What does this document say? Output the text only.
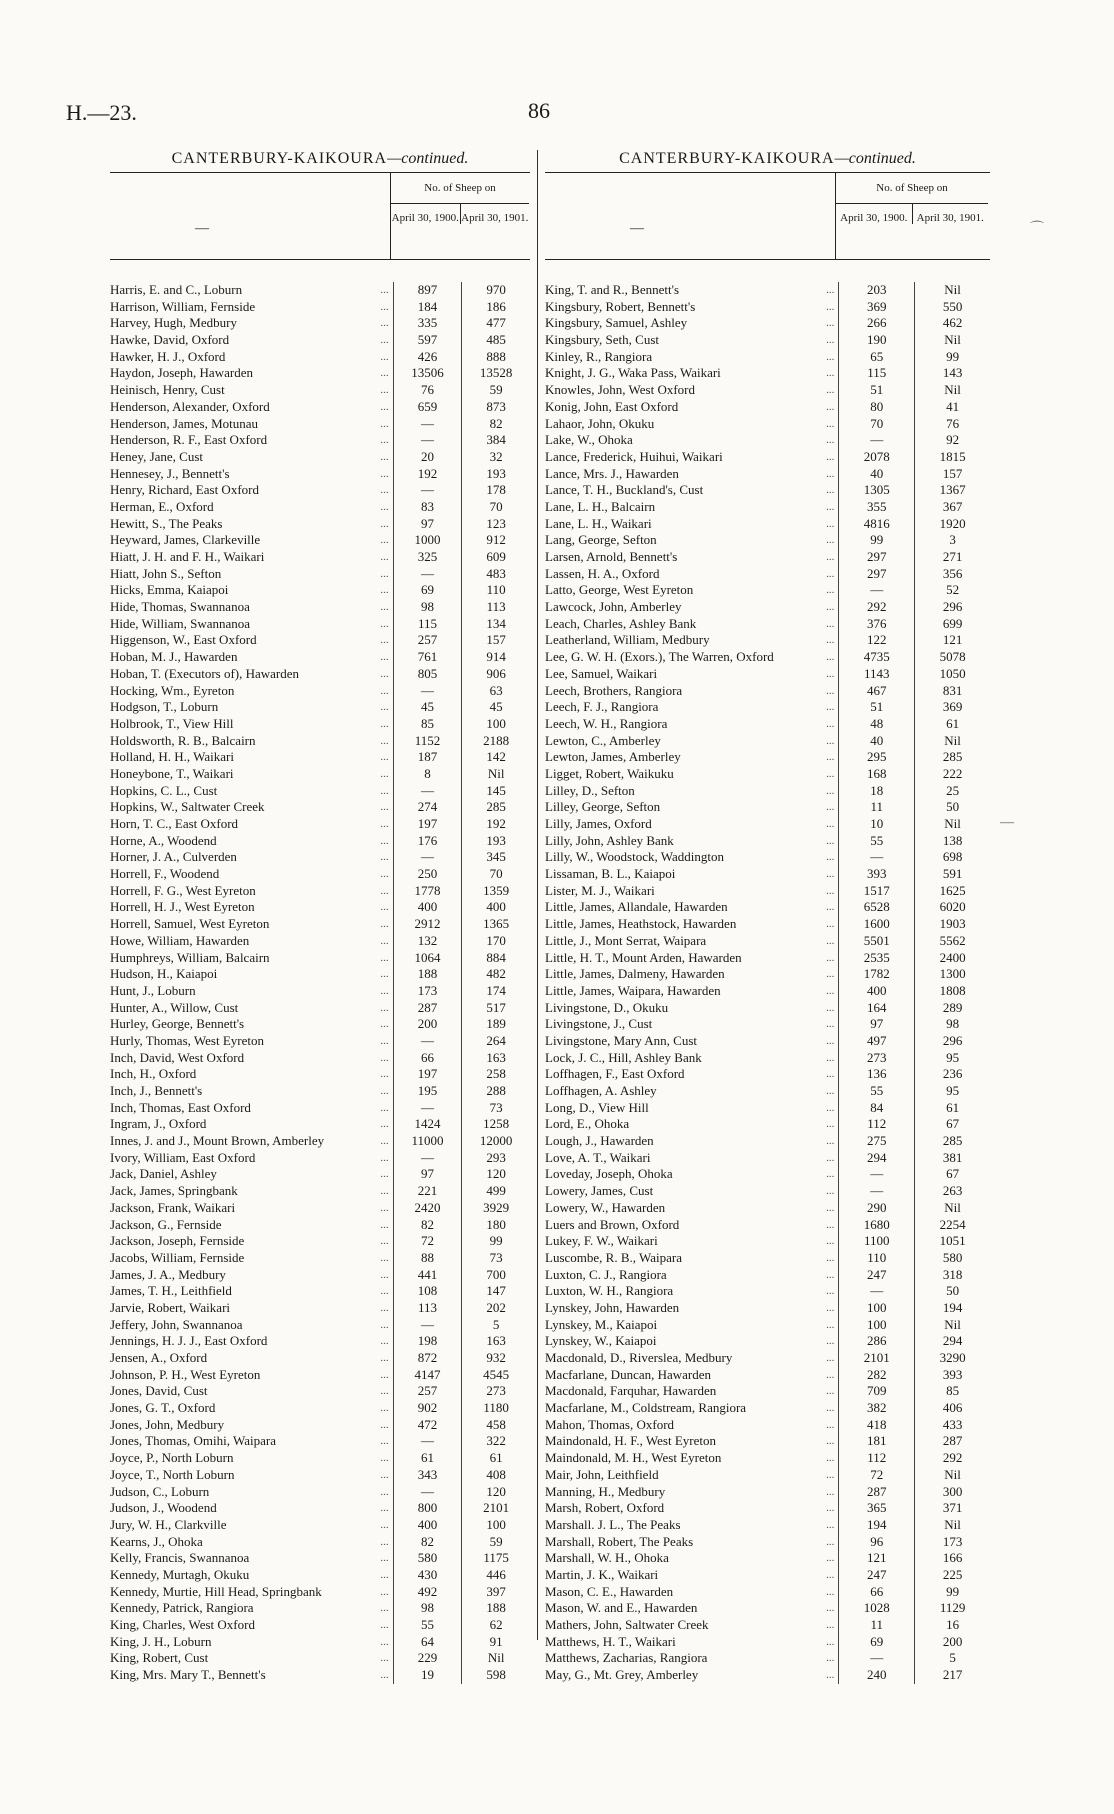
H.—23.	86
⌒
—
CANTERBURY-KAIKOURA—continued.
—
No. of Sheep on
April 30, 1900. April 30, 1901.
Harris, E. and C., Loburn	...	897	970
Harrison, William, Fernside	...	184	186
Harvey, Hugh, Medbury	...	335	477
Hawke, David, Oxford	...	597	485
Hawker, H. J., Oxford	...	426	888
Haydon, Joseph, Hawarden	...	13506	13528
Heinisch, Henry, Cust	...	76	59
Henderson, Alexander, Oxford	...	659	873
Henderson, James, Motunau	...	—	82
Henderson, R. F., East Oxford	...	—	384
Heney, Jane, Cust	...	20	32
Hennesey, J., Bennett's	...	192	193
Henry, Richard, East Oxford	...	—	178
Herman, E., Oxford	...	83	70
Hewitt, S., The Peaks	...	97	123
Heyward, James, Clarkeville	...	1000	912
Hiatt, J. H. and F. H., Waikari	...	325	609
Hiatt, John S., Sefton	...	—	483
Hicks, Emma, Kaiapoi	...	69	110
Hide, Thomas, Swannanoa	...	98	113
Hide, William, Swannanoa	...	115	134
Higgenson, W., East Oxford	...	257	157
Hoban, M. J., Hawarden	...	761	914
Hoban, T. (Executors of), Hawarden	...	805	906
Hocking, Wm., Eyreton	...	—	63
Hodgson, T., Loburn	...	45	45
Holbrook, T., View Hill	...	85	100
Holdsworth, R. B., Balcairn	...	1152	2188
Holland, H. H., Waikari	...	187	142
Honeybone, T., Waikari	...	8	Nil
Hopkins, C. L., Cust	...	—	145
Hopkins, W., Saltwater Creek	...	274	285
Horn, T. C., East Oxford	...	197	192
Horne, A., Woodend	...	176	193
Horner, J. A., Culverden	...	—	345
Horrell, F., Woodend	...	250	70
Horrell, F. G., West Eyreton	...	1778	1359
Horrell, H. J., West Eyreton	...	400	400
Horrell, Samuel, West Eyreton	...	2912	1365
Howe, William, Hawarden	...	132	170
Humphreys, William, Balcairn	...	1064	884
Hudson, H., Kaiapoi	...	188	482
Hunt, J., Loburn	...	173	174
Hunter, A., Willow, Cust	...	287	517
Hurley, George, Bennett's	...	200	189
Hurly, Thomas, West Eyreton	...	—	264
Inch, David, West Oxford	...	66	163
Inch, H., Oxford	...	197	258
Inch, J., Bennett's	...	195	288
Inch, Thomas, East Oxford	...	—	73
Ingram, J., Oxford	...	1424	1258
Innes, J. and J., Mount Brown, Amberley	...	11000	12000
Ivory, William, East Oxford	...	—	293
Jack, Daniel, Ashley	...	97	120
Jack, James, Springbank	...	221	499
Jackson, Frank, Waikari	...	2420	3929
Jackson, G., Fernside	...	82	180
Jackson, Joseph, Fernside	...	72	99
Jacobs, William, Fernside	...	88	73
James, J. A., Medbury	...	441	700
James, T. H., Leithfield	...	108	147
Jarvie, Robert, Waikari	...	113	202
Jeffery, John, Swannanoa	...	—	5
Jennings, H. J. J., East Oxford	...	198	163
Jensen, A., Oxford	...	872	932
Johnson, P. H., West Eyreton	...	4147	4545
Jones, David, Cust	...	257	273
Jones, G. T., Oxford	...	902	1180
Jones, John, Medbury	...	472	458
Jones, Thomas, Omihi, Waipara	...	—	322
Joyce, P., North Loburn	...	61	61
Joyce, T., North Loburn	...	343	408
Judson, C., Loburn	...	—	120
Judson, J., Woodend	...	800	2101
Jury, W. H., Clarkville	...	400	100
Kearns, J., Ohoka	...	82	59
Kelly, Francis, Swannanoa	...	580	1175
Kennedy, Murtagh, Okuku	...	430	446
Kennedy, Murtie, Hill Head, Springbank	...	492	397
Kennedy, Patrick, Rangiora	...	98	188
King, Charles, West Oxford	...	55	62
King, J. H., Loburn	...	64	91
King, Robert, Cust	...	229	Nil
King, Mrs. Mary T., Bennett's	...	19	598
CANTERBURY-KAIKOURA—continued.
—
No. of Sheep on
April 30, 1900. April 30, 1901.
King, T. and R., Bennett's	...	203	Nil
Kingsbury, Robert, Bennett's	...	369	550
Kingsbury, Samuel, Ashley	...	266	462
Kingsbury, Seth, Cust	...	190	Nil
Kinley, R., Rangiora	...	65	99
Knight, J. G., Waka Pass, Waikari	...	115	143
Knowles, John, West Oxford	...	51	Nil
Konig, John, East Oxford	...	80	41
Lahaor, John, Okuku	...	70	76
Lake, W., Ohoka	...	—	92
Lance, Frederick, Huihui, Waikari	...	2078	1815
Lance, Mrs. J., Hawarden	...	40	157
Lance, T. H., Buckland's, Cust	...	1305	1367
Lane, L. H., Balcairn	...	355	367
Lane, L. H., Waikari	...	4816	1920
Lang, George, Sefton	...	99	3
Larsen, Arnold, Bennett's	...	297	271
Lassen, H. A., Oxford	...	297	356
Latto, George, West Eyreton	...	—	52
Lawcock, John, Amberley	...	292	296
Leach, Charles, Ashley Bank	...	376	699
Leatherland, William, Medbury	...	122	121
Lee, G. W. H. (Exors.), The Warren, Oxford	...	4735	5078
Lee, Samuel, Waikari	...	1143	1050
Leech, Brothers, Rangiora	...	467	831
Leech, F. J., Rangiora	...	51	369
Leech, W. H., Rangiora	...	48	61
Lewton, C., Amberley	...	40	Nil
Lewton, James, Amberley	...	295	285
Ligget, Robert, Waikuku	...	168	222
Lilley, D., Sefton	...	18	25
Lilley, George, Sefton	...	11	50
Lilly, James, Oxford	...	10	Nil
Lilly, John, Ashley Bank	...	55	138
Lilly, W., Woodstock, Waddington	...	—	698
Lissaman, B. L., Kaiapoi	...	393	591
Lister, M. J., Waikari	...	1517	1625
Little, James, Allandale, Hawarden	...	6528	6020
Little, James, Heathstock, Hawarden	...	1600	1903
Little, J., Mont Serrat, Waipara	...	5501	5562
Little, H. T., Mount Arden, Hawarden	...	2535	2400
Little, James, Dalmeny, Hawarden	...	1782	1300
Little, James, Waipara, Hawarden	...	400	1808
Livingstone, D., Okuku	...	164	289
Livingstone, J., Cust	...	97	98
Livingstone, Mary Ann, Cust	...	497	296
Lock, J. C., Hill, Ashley Bank	...	273	95
Loffhagen, F., East Oxford	...	136	236
Loffhagen, A. Ashley	...	55	95
Long, D., View Hill	...	84	61
Lord, E., Ohoka	...	112	67
Lough, J., Hawarden	...	275	285
Love, A. T., Waikari	...	294	381
Loveday, Joseph, Ohoka	...	—	67
Lowery, James, Cust	...	—	263
Lowery, W., Hawarden	...	290	Nil
Luers and Brown, Oxford	...	1680	2254
Lukey, F. W., Waikari	...	1100	1051
Luscombe, R. B., Waipara	...	110	580
Luxton, C. J., Rangiora	...	247	318
Luxton, W. H., Rangiora	...	—	50
Lynskey, John, Hawarden	...	100	194
Lynskey, M., Kaiapoi	...	100	Nil
Lynskey, W., Kaiapoi	...	286	294
Macdonald, D., Riverslea, Medbury	...	2101	3290
Macfarlane, Duncan, Hawarden	...	282	393
Macdonald, Farquhar, Hawarden	...	709	85
Macfarlane, M., Coldstream, Rangiora	...	382	406
Mahon, Thomas, Oxford	...	418	433
Maindonald, H. F., West Eyreton	...	181	287
Maindonald, M. H., West Eyreton	...	112	292
Mair, John, Leithfield	...	72	Nil
Manning, H., Medbury	...	287	300
Marsh, Robert, Oxford	...	365	371
Marshall. J. L., The Peaks	...	194	Nil
Marshall, Robert, The Peaks	...	96	173
Marshall, W. H., Ohoka	...	121	166
Martin, J. K., Waikari	...	247	225
Mason, C. E., Hawarden	...	66	99
Mason, W. and E., Hawarden	...	1028	1129
Mathers, John, Saltwater Creek	...	11	16
Matthews, H. T., Waikari	...	69	200
Matthews, Zacharias, Rangiora	...	—	5
May, G., Mt. Grey, Amberley	...	240	217
